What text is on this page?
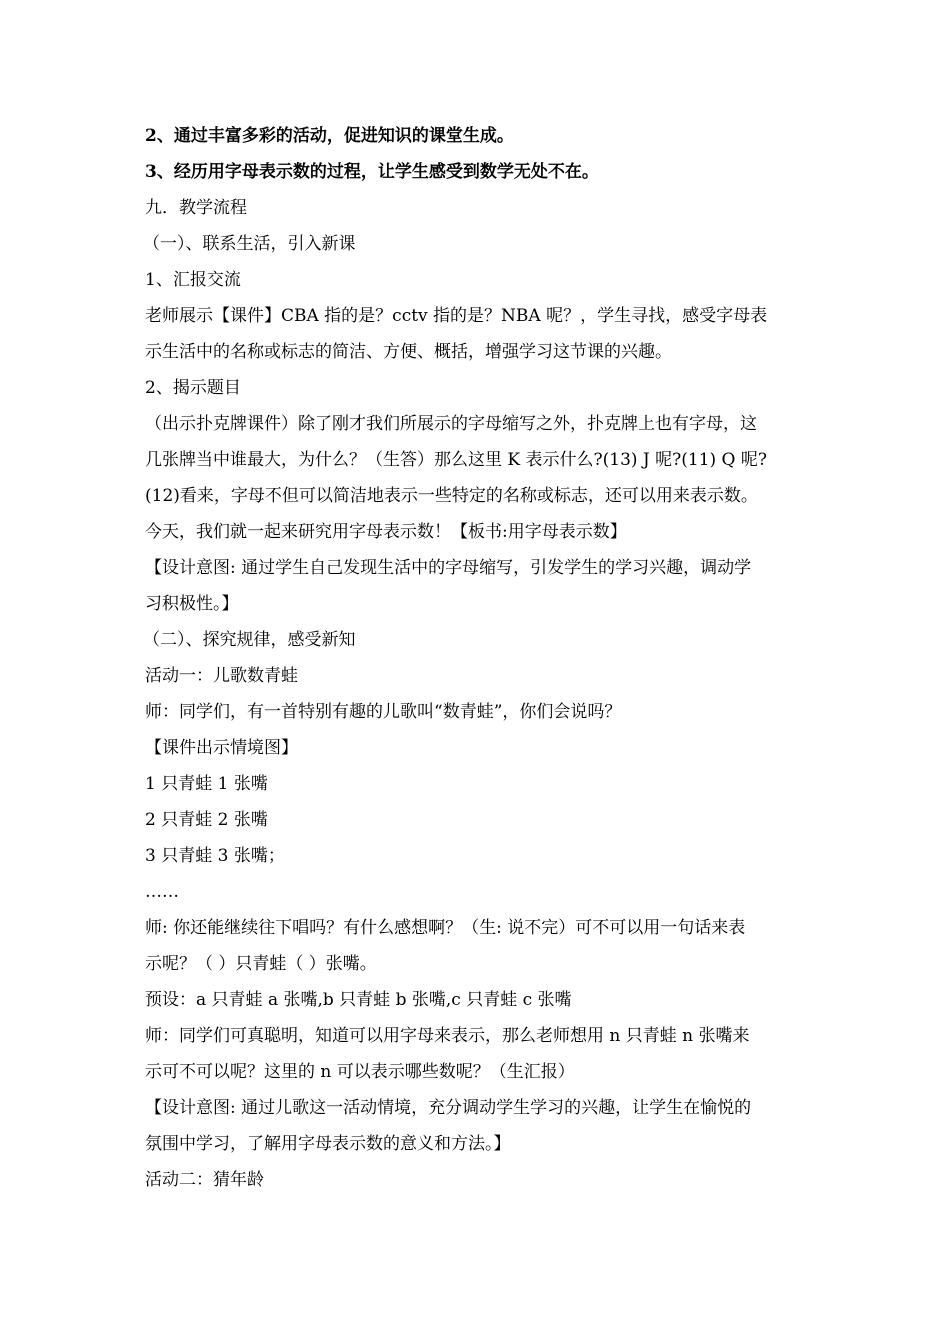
2、通过丰富多彩的活动，促进知识的课堂生成。
3、经历用字母表示数的过程，让学生感受到数学无处不在。
九．教学流程
（一）、联系生活，引入新课
1、汇报交流
老师展示【课件】CBA 指的是？cctv 指的是？NBA 呢？，学生寻找，感受字母表
示生活中的名称或标志的简洁、方便、概括，增强学习这节课的兴趣。
2、揭示题目
（出示扑克牌课件）除了刚才我们所展示的字母缩写之外，扑克牌上也有字母，这
几张牌当中谁最大，为什么？（生答）那么这里 K 表示什么?(13) J 呢?(11) Q 呢?
(12)看来，字母不但可以简洁地表示一些特定的名称或标志，还可以用来表示数。
今天，我们就一起来研究用字母表示数！【板书:用字母表示数】
【设计意图: 通过学生自己发现生活中的字母缩写，引发学生的学习兴趣，调动学
习积极性。】
（二）、探究规律，感受新知
活动一：儿歌数青蛙
师：同学们，有一首特别有趣的儿歌叫“数青蛙”，你们会说吗？
【课件出示情境图】
1 只青蛙 1 张嘴
2 只青蛙 2 张嘴
3 只青蛙 3 张嘴；
……
师: 你还能继续往下唱吗？有什么感想啊？（生: 说不完）可不可以用一句话来表
示呢？（ ）只青蛙（ ）张嘴。
预设：a 只青蛙 a 张嘴,b 只青蛙 b 张嘴,c 只青蛙 c 张嘴
师：同学们可真聪明，知道可以用字母来表示，那么老师想用 n 只青蛙 n 张嘴来
示可不可以呢？这里的 n 可以表示哪些数呢？（生汇报）
【设计意图: 通过儿歌这一活动情境，充分调动学生学习的兴趣，让学生在愉悦的
氛围中学习，了解用字母表示数的意义和方法。】
活动二：猜年龄
